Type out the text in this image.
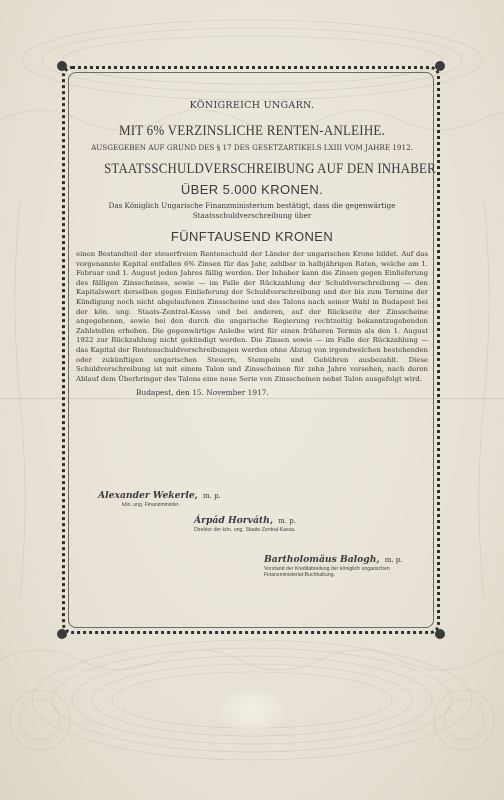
KÖNIGREICH UNGARN.
MIT 6% VERZINSLICHE RENTEN-ANLEIHE.
AUSGEGEBEN AUF GRUND DES § 17 DES GESETZARTIKELS LXIII VOM JAHRE 1912.
STAATSSCHULDVERSCHREIBUNG AUF DEN INHABER
ÜBER 5.000 KRONEN.
Das Königlich Ungarische Finanzministerium bestätigt, dass die gegenwärtige Staatsschuldverschreibung über
FÜNFTAUSEND KRONEN
einen Bestandteil der steuerfreien Rentenschuld der Länder der ungarischen Krone bildet. Auf das vorgenannte Kapital entfallen 6% Zinsen für das Jahr, zahlbar in halbjährigen Raten, welche am 1. Februar und 1. August jeden Jahres fällig werden. Der Inhaber kann die Zinsen gegen Einlieferung des fälligen Zinsscheines, sowie — im Falle der Rückzahlung der Schuldverschreibung — den Kapitalswert derselben gegen Einlieferung der Schuldverschreibung und der bis zum Termine der Kündigung noch nicht abgelaufenen Zinsscheine und des Talons nach seiner Wahl in Budapest bei der kön. ung. Staats-Zentral-Kassa und bei anderen, auf der Rückseite der Zinsscheine angegebenen, sowie bei den durch die ungarische Regierung rechtzeitig bekanntzugebenden Zahlstellen erheben. Die gegenwärtige Anleihe wird für einen früheren Termin als den 1. August 1922 zur Rückzahlung nicht gekündigt werden. Die Zinsen sowie — im Falle der Rückzahlung — das Kapital der Rentenschuldverschreibungen werden ohne Abzug von irgendwelchen bestehenden oder zukünftigen ungarischen Steuern, Stempeln und Gebühren ausbezahlt. Diese Schuldverschreibung ist mit einem Talon und Zinsscheinen für zehn Jahre versehen, nach deren Ablauf dem Überbringer des Talons eine neue Serie von Zinsscheinen nebst Talon ausgefolgt wird.
Budapest, den 15. November 1917.
Alexander Wekerle, m. p.
kön. ung. Finanzminister.
Árpád Horváth, m. p.
Direktor der kön. ung. Staats-Zentral-Kassa.
Bartholomäus Balogh, m. p.
Vorstand der Kreditabteilung der königlich ungarischen
Finanzministerial-Buchhaltung.
